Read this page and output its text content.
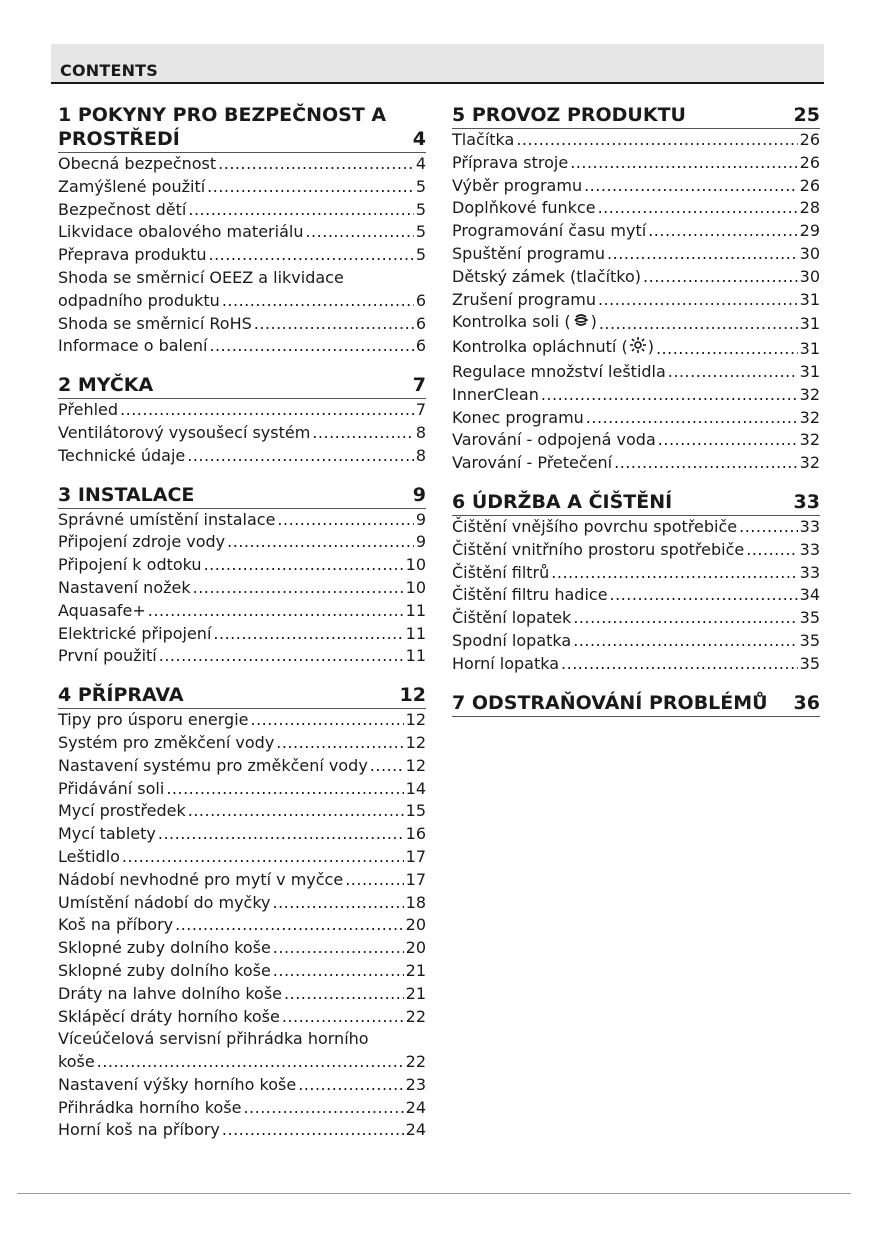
CONTENTS
1 POKYNY PRO BEZPEČNOST A
PROSTŘEDÍ	4
Obecná bezpečnost .....	4
Zamýšlené použití .....	5
Bezpečnost dětí .....	5
Likvidace obalového materiálu .....	5
Přeprava produktu .....	5
Shoda se směrnicí OEEZ a likvidace
odpadního produktu .....	6
Shoda se směrnicí RoHS .....	6
Informace o balení .....	6
2 MYČKA	7
Přehled .....	7
Ventilátorový vysoušecí systém .....	8
Technické údaje .....	8
3 INSTALACE	9
Správné umístění instalace .....	9
Připojení zdroje vody .....	9
Připojení k odtoku .....	10
Nastavení nožek .....	10
Aquasafe+ .....	11
Elektrické připojení .....	11
První použití .....	11
4 PŘÍPRAVA	12
Tipy pro úsporu energie .....	12
Systém pro změkčení vody .....	12
Nastavení systému pro změkčení vody ..... 12
Přidávání soli .....	14
Mycí prostředek .....	15
Mycí tablety .....	16
Leštidlo .....	17
Nádobí nevhodné pro mytí v myčce .....	17
Umístění nádobí do myčky .....	18
Koš na příbory .....	20
Sklopné zuby dolního koše .....	20
Sklopné zuby dolního koše .....	21
Dráty na lahve dolního koše .....	21
Sklápěcí dráty horního koše .....	22
Víceúčelová servisní přihrádka horního
koše .....	22
Nastavení výšky horního koše .....	23
Přihrádka horního koše .....	24
Horní koš na příbory .....	24
5 PROVOZ PRODUKTU	25
Tlačítka .....	26
Příprava stroje .....	26
Výběr programu .....	26
Doplňkové funkce .....	28
Programování času mytí .....	29
Spuštění programu .....	30
Dětský zámek (tlačítko) .....	30
Zrušení programu .....	31
Kontrolka soli ( ) .....	31
Kontrolka opláchnutí ( ) .....	31
Regulace množství leštidla .....	31
InnerClean .....	32
Konec programu .....	32
Varování - odpojená voda .....	32
Varování - Přetečení .....	32
6 ÚDRŽBA A ČIŠTĚNÍ	33
Čištění vnějšího povrchu spotřebiče .....	33
Čištění vnitřního prostoru spotřebiče .....	33
Čištění filtrů .....	33
Čištění filtru hadice .....	34
Čištění lopatek .....	35
Spodní lopatka .....	35
Horní lopatka .....	35
7 ODSTRAŇOVÁNÍ PROBLÉMŮ	36
